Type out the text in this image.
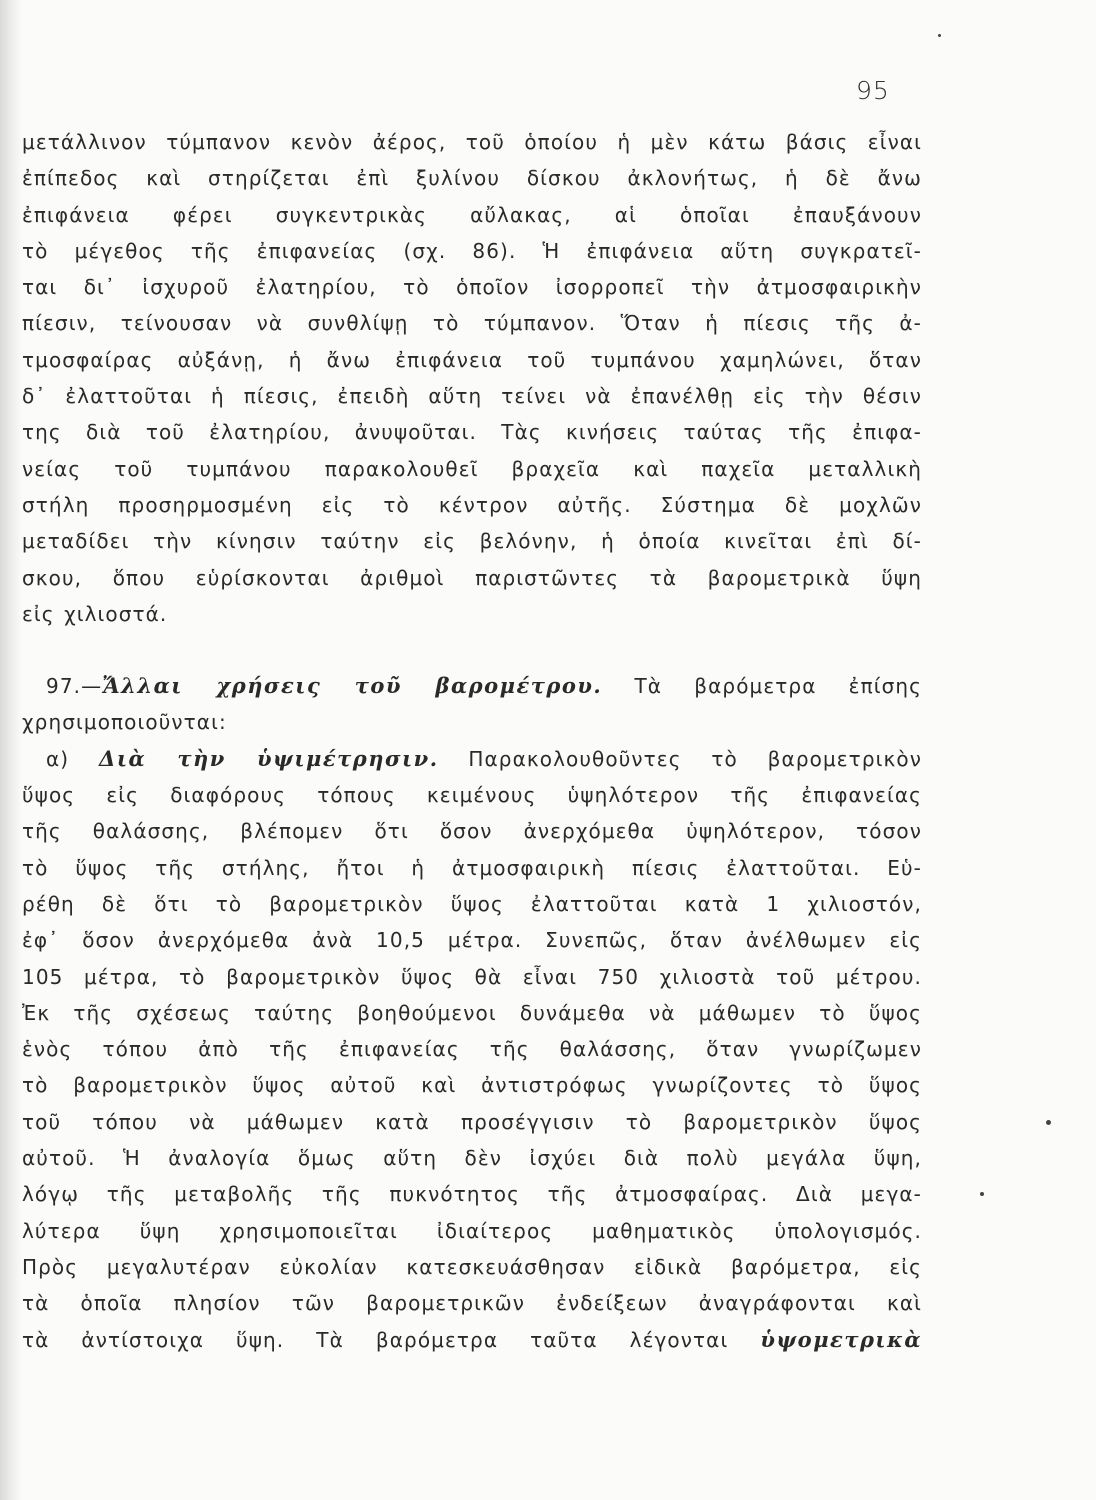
95
μετάλλινον τύμπανον κενὸν ἀέρος, τοῦ ὁποίου ἡ μὲν κάτω βάσις εἶναι
ἐπίπεδος καὶ στηρίζεται ἐπὶ ξυλίνου δίσκου ἀκλονήτως, ἡ δὲ ἄνω
ἐπιφάνεια φέρει συγκεντρικὰς αὔλακας, αἱ ὁποῖαι ἐπαυξάνουν
τὸ μέγεθος τῆς ἐπιφανείας (σχ. 86). Ἡ ἐπιφάνεια αὕτη συγκρατεῖ-
ται δι᾽ ἰσχυροῦ ἐλατηρίου, τὸ ὁποῖον ἰσορροπεῖ τὴν ἀτμοσφαιρικὴν
πίεσιν, τείνουσαν νὰ συνθλίψῃ τὸ τύμπανον. Ὅταν ἡ πίεσις τῆς ἀ-
τμοσφαίρας αὐξάνῃ, ἡ ἄνω ἐπιφάνεια τοῦ τυμπάνου χαμηλώνει, ὅταν
δ᾽ ἐλαττοῦται ἡ πίεσις, ἐπειδὴ αὕτη τείνει νὰ ἐπανέλθῃ εἰς τὴν θέσιν
της διὰ τοῦ ἐλατηρίου, ἀνυψοῦται. Τὰς κινήσεις ταύτας τῆς ἐπιφα-
νείας τοῦ τυμπάνου παρακολουθεῖ βραχεῖα καὶ παχεῖα μεταλλικὴ
στήλη προσηρμοσμένη εἰς τὸ κέντρον αὐτῆς. Σύστημα δὲ μοχλῶν
μεταδίδει τὴν κίνησιν ταύτην εἰς βελόνην, ἡ ὁποία κινεῖται ἐπὶ δί-
σκου, ὅπου εὑρίσκονται ἀριθμοὶ παριστῶντες τὰ βαρομετρικὰ ὕψη
εἰς χιλιοστά.
97.—Ἄλλαι χρήσεις τοῦ βαρομέτρου. Τὰ βαρόμετρα ἐπίσης
χρησιμοποιοῦνται:
α) Διὰ τὴν ὑψιμέτρησιν. Παρακολουθοῦντες τὸ βαρομετρικὸν
ὕψος εἰς διαφόρους τόπους κειμένους ὑψηλότερον τῆς ἐπιφανείας
τῆς θαλάσσης, βλέπομεν ὅτι ὅσον ἀνερχόμεθα ὑψηλότερον, τόσον
τὸ ὕψος τῆς στήλης, ἤτοι ἡ ἀτμοσφαιρικὴ πίεσις ἐλαττοῦται. Εὑ-
ρέθη δὲ ὅτι τὸ βαρομετρικὸν ὕψος ἐλαττοῦται κατὰ 1 χιλιοστόν,
ἐφ᾽ ὅσον ἀνερχόμεθα ἀνὰ 10,5 μέτρα. Συνεπῶς, ὅταν ἀνέλθωμεν εἰς
105 μέτρα, τὸ βαρομετρικὸν ὕψος θὰ εἶναι 750 χιλιοστὰ τοῦ μέτρου.
Ἐκ τῆς σχέσεως ταύτης βοηθούμενοι δυνάμεθα νὰ μάθωμεν τὸ ὕψος
ἑνὸς τόπου ἀπὸ τῆς ἐπιφανείας τῆς θαλάσσης, ὅταν γνωρίζωμεν
τὸ βαρομετρικὸν ὕψος αὐτοῦ καὶ ἀντιστρόφως γνωρίζοντες τὸ ὕψος
τοῦ τόπου νὰ μάθωμεν κατὰ προσέγγισιν τὸ βαρομετρικὸν ὕψος
αὐτοῦ. Ἡ ἀναλογία ὅμως αὕτη δὲν ἰσχύει διὰ πολὺ μεγάλα ὕψη,
λόγῳ τῆς μεταβολῆς τῆς πυκνότητος τῆς ἀτμοσφαίρας. Διὰ μεγα-
λύτερα ὕψη χρησιμοποιεῖται ἰδιαίτερος μαθηματικὸς ὑπολογισμός.
Πρὸς μεγαλυτέραν εὐκολίαν κατεσκευάσθησαν εἰδικὰ βαρόμετρα, εἰς
τὰ ὁποῖα πλησίον τῶν βαρομετρικῶν ἐνδείξεων ἀναγράφονται καὶ
τὰ ἀντίστοιχα ὕψη. Τὰ βαρόμετρα ταῦτα λέγονται ὑψομετρικὰ
